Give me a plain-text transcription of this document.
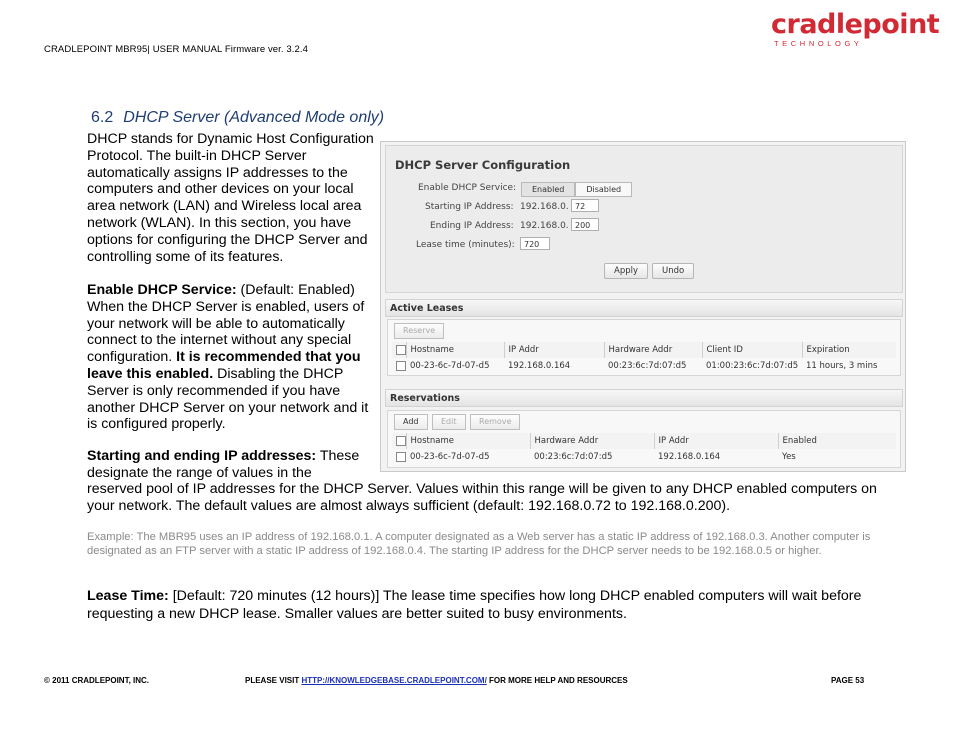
CRADLEPOINT MBR95| USER MANUAL Firmware ver. 3.2.4
cradlepoint
TECHNOLOGY
6.2 DHCP Server (Advanced Mode only)
DHCP stands for Dynamic Host Configuration Protocol. The built-in DHCP Server automatically assigns IP addresses to the computers and other devices on your local area network (LAN) and Wireless local area network (WLAN). In this section, you have options for configuring the DHCP Server and controlling some of its features.
Enable DHCP Service: (Default: Enabled) When the DHCP Server is enabled, users of your network will be able to automatically connect to the internet without any special configuration. It is recommended that you leave this enabled. Disabling the DHCP Server is only recommended if you have another DHCP Server on your network and it is configured properly.
Starting and ending IP addresses: These designate the range of values in the
reserved pool of IP addresses for the DHCP Server. Values within this range will be given to any DHCP enabled computers on your network. The default values are almost always sufficient (default: 192.168.0.72 to 192.168.0.200).
Example: The MBR95 uses an IP address of 192.168.0.1. A computer designated as a Web server has a static IP address of 192.168.0.3. Another computer is designated as an FTP server with a static IP address of 192.168.0.4. The starting IP address for the DHCP server needs to be 192.168.0.5 or higher.
Lease Time: [Default: 720 minutes (12 hours)] The lease time specifies how long DHCP enabled computers will wait before requesting a new DHCP lease. Smaller values are better suited to busy environments.
DHCP Server Configuration
Enable DHCP Service:	Enabled	Disabled
Starting IP Address: 192.168.0. 72
Ending IP Address: 192.168.0. 200
Lease time (minutes):	720
Apply	Undo
Active Leases
Reserve
	Hostname	IP Addr	Hardware Addr	Client ID	Expiration
	00-23-6c-7d-07-d5	192.168.0.164	00:23:6c:7d:07:d5	01:00:23:6c:7d:07:d5	11 hours, 3 mins
Reservations
Add	Edit	Remove
	Hostname	Hardware Addr	IP Addr	Enabled
	00-23-6c-7d-07-d5	00:23:6c:7d:07:d5	192.168.0.164	Yes
© 2011 CRADLEPOINT, INC.	PLEASE VISIT HTTP://KNOWLEDGEBASE.CRADLEPOINT.COM/ FOR MORE HELP AND RESOURCES	PAGE 53
